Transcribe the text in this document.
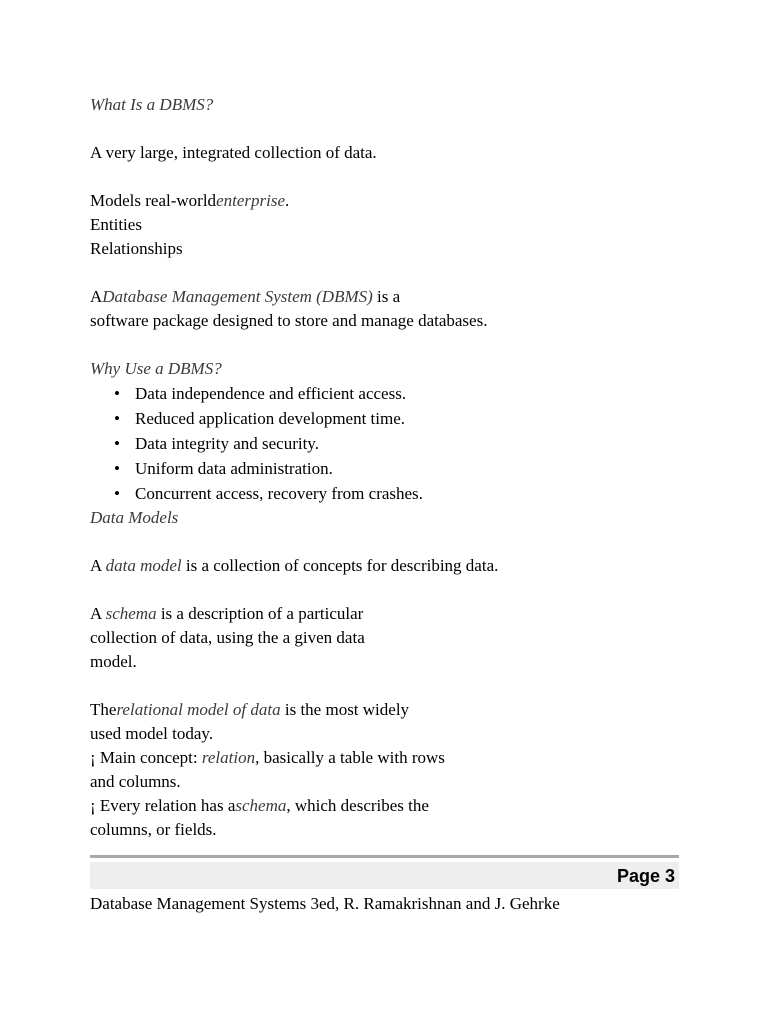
What Is a DBMS?
A very large, integrated collection of data.
Models real-worldenterprise.
Entities
Relationships
ADatabase Management System (DBMS) is a
software package designed to store and manage databases.
Why Use a DBMS?
• Data independence and efficient access.
• Reduced application development time.
• Data integrity and security.
• Uniform data administration.
• Concurrent access, recovery from crashes.
Data Models
A data model is a collection of concepts for describing data.
A schema is a description of a particular
collection of data, using the a given data
model.
Therelational model of data is the most widely
used model today.
¡ Main concept: relation, basically a table with rows
and columns.
¡ Every relation has aschema, which describes the
columns, or fields.
Page 3
Database Management Systems 3ed, R. Ramakrishnan and J. Gehrke
